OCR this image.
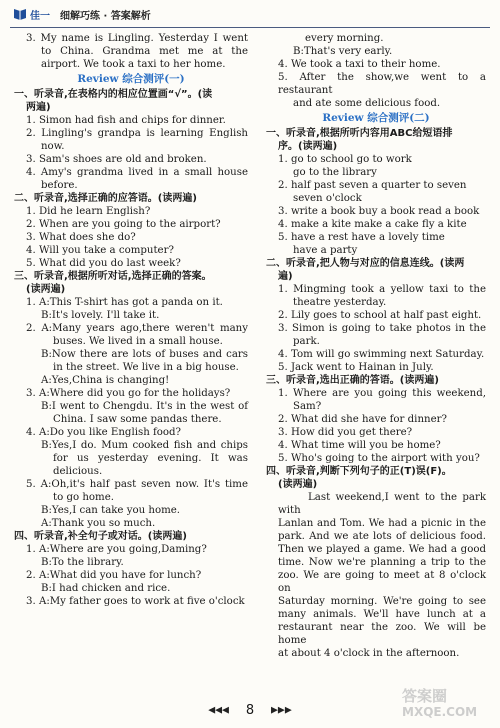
佳一 细解巧练 · 答案解析
3. My name is Lingling. Yesterday I went
to China. Grandma met me at the
airport. We took a taxi to her home.
Review 综合测评(一)
一、听录音,在表格内的相应位置画“√”。(读
两遍)
1. Simon had fish and chips for dinner.
2. Lingling's grandpa is learning English
now.
3. Sam's shoes are old and broken.
4. Amy's grandma lived in a small house
before.
二、听录音,选择正确的应答语。(读两遍)
1. Did he learn English?
2. When are you going to the airport?
3. What does she do?
4. Will you take a computer?
5. What did you do last week?
三、听录音,根据所听对话,选择正确的答案。
(读两遍)
1. A:This T-shirt has got a panda on it.
B:It's lovely. I'll take it.
2. A:Many years ago,there weren't many
buses. We lived in a small house.
B:Now there are lots of buses and cars
in the street. We live in a big house.
A:Yes,China is changing!
3. A:Where did you go for the holidays?
B:I went to Chengdu. It's in the west of
China. I saw some pandas there.
4. A:Do you like English food?
B:Yes,I do. Mum cooked fish and chips
for us yesterday evening. It was
delicious.
5. A:Oh,it's half past seven now. It's time
to go home.
B:Yes,I can take you home.
A:Thank you so much.
四、听录音,补全句子或对话。(读两遍)
1. A:Where are you going,Daming?
B:To the library.
2. A:What did you have for lunch?
B:I had chicken and rice.
3. A:My father goes to work at five o'clock
every morning.
B:That's very early.
4. We took a taxi to their home.
5. After the show,we went to a restaurant
and ate some delicious food.
Review 综合测评(二)
一、听录音,根据所听内容用ABC给短语排
序。(读两遍)
1. go to school go to work
go to the library
2. half past seven a quarter to seven
seven o'clock
3. write a book buy a book read a book
4. make a kite make a cake fly a kite
5. have a rest have a lovely time
have a party
二、听录音,把人物与对应的信息连线。(读两
遍)
1. Mingming took a yellow taxi to the
theatre yesterday.
2. Lily goes to school at half past eight.
3. Simon is going to take photos in the
park.
4. Tom will go swimming next Saturday.
5. Jack went to Hainan in July.
三、听录音,选出正确的答语。(读两遍)
1. Where are you going this weekend,
Sam?
2. What did she have for dinner?
3. How did you get there?
4. What time will you be home?
5. Who's going to the airport with you?
四、听录音,判断下列句子的正(T)误(F)。
(读两遍)
Last weekend,I went to the park with
Lanlan and Tom. We had a picnic in the
park. And we ate lots of delicious food.
Then we played a game. We had a good
time. Now we're planning a trip to the
zoo. We are going to meet at 8 o'clock on
Saturday morning. We're going to see
many animals. We'll have lunch at a
restaurant near the zoo. We will be home
at about 4 o'clock in the afternoon.
◀◀◀ 8 ▶▶▶
答案圈
MXQE.COM
